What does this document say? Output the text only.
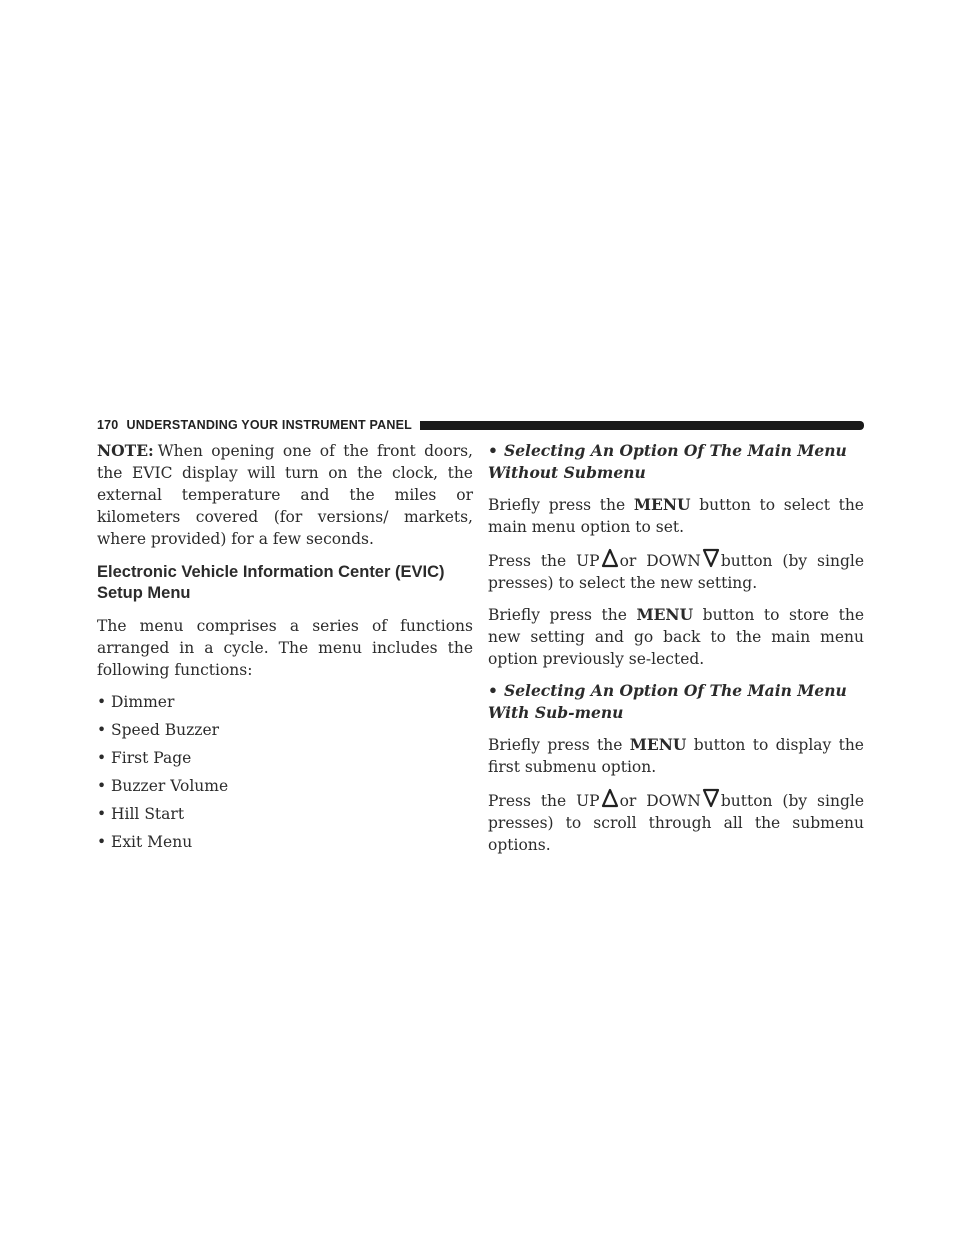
170 UNDERSTANDING YOUR INSTRUMENT PANEL

NOTE: When opening one of the front doors, the EVIC display will turn on the clock, the external temperature and the miles or kilometers covered (for versions/ markets, where provided) for a few seconds.

Electronic Vehicle Information Center (EVIC)
Setup Menu

The menu comprises a series of functions arranged in a cycle. The menu includes the following functions:

• Dimmer
• Speed Buzzer
• First Page
• Buzzer Volume
• Hill Start
• Exit Menu

• Selecting An Option Of The Main Menu Without Submenu

Briefly press the MENU button to select the main menu option to set.

Press the UP or DOWN button (by single presses) to select the new setting.

Briefly press the MENU button to store the new setting and go back to the main menu option previously se-lected.

• Selecting An Option Of The Main Menu With Sub-menu

Briefly press the MENU button to display the first submenu option.

Press the UP or DOWN button (by single presses) to scroll through all the submenu options.
